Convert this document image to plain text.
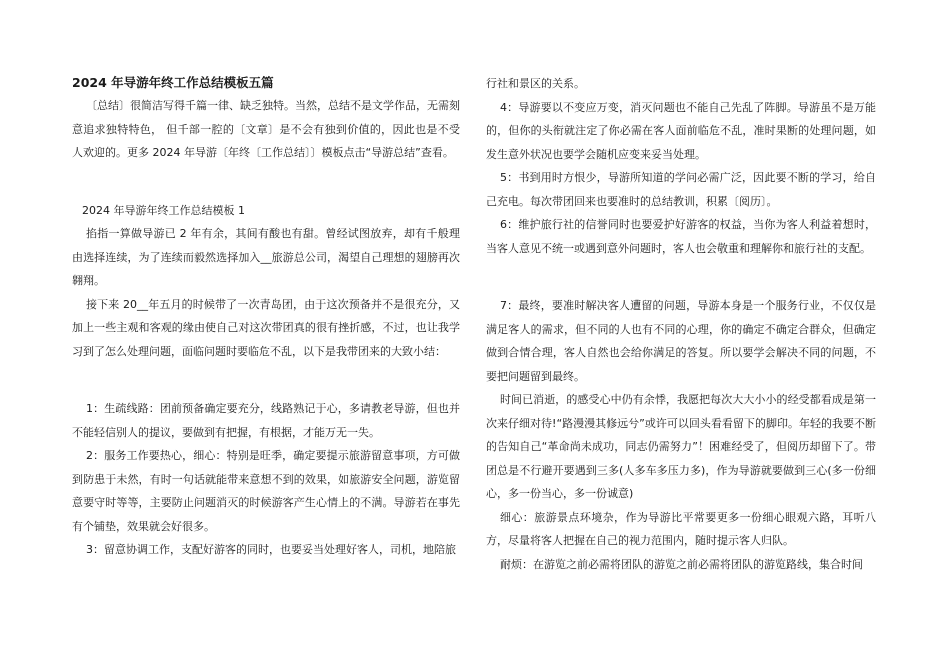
2024 年导游年终工作总结模板五篇

〔总结〕很简洁写得千篇一律、缺乏独特。当然，总结不是文学作品，无需刻意追求独特特色， 但千部一腔的〔文章〕是不会有独到价值的，因此也是不受人欢迎的。更多 2024 年导游〔年终〔工作总结〕〕模板点击“导游总结”查看。

2024 年导游年终工作总结模板 1

掐指一算做导游已 2 年有余，其间有酸也有甜。曾经试图放弃，却有千般理由选择连续，为了连续而毅然选择加入__旅游总公司，渴望自己理想的翅膀再次翱翔。

接下来 20__年五月的时候带了一次青岛团，由于这次预备并不是很充分，又加上一些主观和客观的缘由使自己对这次带团真的很有挫折感，不过，也让我学习到了怎么处理问题，面临问题时要临危不乱，以下是我带团来的大致小结：

1：生疏线路：团前预备确定要充分，线路熟记于心，多请教老导游，但也并不能轻信别人的提议，要做到有把握，有根据，才能万无一失。

2：服务工作要热心，细心：特别是旺季，确定要提示旅游留意事项，方可做到防患于未然，有时一句话就能带来意想不到的效果，如旅游安全问题，游览留意要守时等等，主要防止问题消灭的时候游客产生心情上的不满。导游若在事先有个铺垫，效果就会好很多。

3：留意协调工作，支配好游客的同时，也要妥当处理好客人，司机，地陪旅

行社和景区的关系。

4：导游要以不变应万变，消灭问题也不能自己先乱了阵脚。导游虽不是万能的，但你的头衔就注定了你必需在客人面前临危不乱，准时果断的处理问题，如发生意外状况也要学会随机应变来妥当处理。

5：书到用时方恨少，导游所知道的学问必需广泛，因此要不断的学习，给自己充电。每次带团回来也要准时的总结教训，积累〔阅历〕。

6：维护旅行社的信誉同时也要爱护好游客的权益，当你为客人利益着想时，当客人意见不统一或遇到意外问题时，客人也会敬重和理解你和旅行社的支配。

7：最终，要准时解决客人遭留的问题，导游本身是一个服务行业，不仅仅是满足客人的需求，但不同的人也有不同的心理，你的确定不确定合群众，但确定做到合情合理，客人自然也会给你满足的答复。所以要学会解决不同的问题，不要把问题留到最终。

时间已消逝，的感受心中仍有余悸，我愿把每次大大小小的经受都看成是第一次来仔细对待!“路漫漫其修远兮”或许可以回头看看留下的脚印。年轻的我要不断的告知自己“革命尚未成功，同志仍需努力”！困难经受了，但阅历却留下了。带团总是不行避开要遇到三多(人多车多压力多)，作为导游就要做到三心(多一份细心，多一份当心，多一份诚意)

细心：旅游景点环境杂，作为导游比平常要更多一份细心眼观六路，耳听八方，尽量将客人把握在自己的视力范围内，随时提示客人归队。

耐烦：在游览之前必需将团队的游览之前必需将团队的游览路线，集合时间
